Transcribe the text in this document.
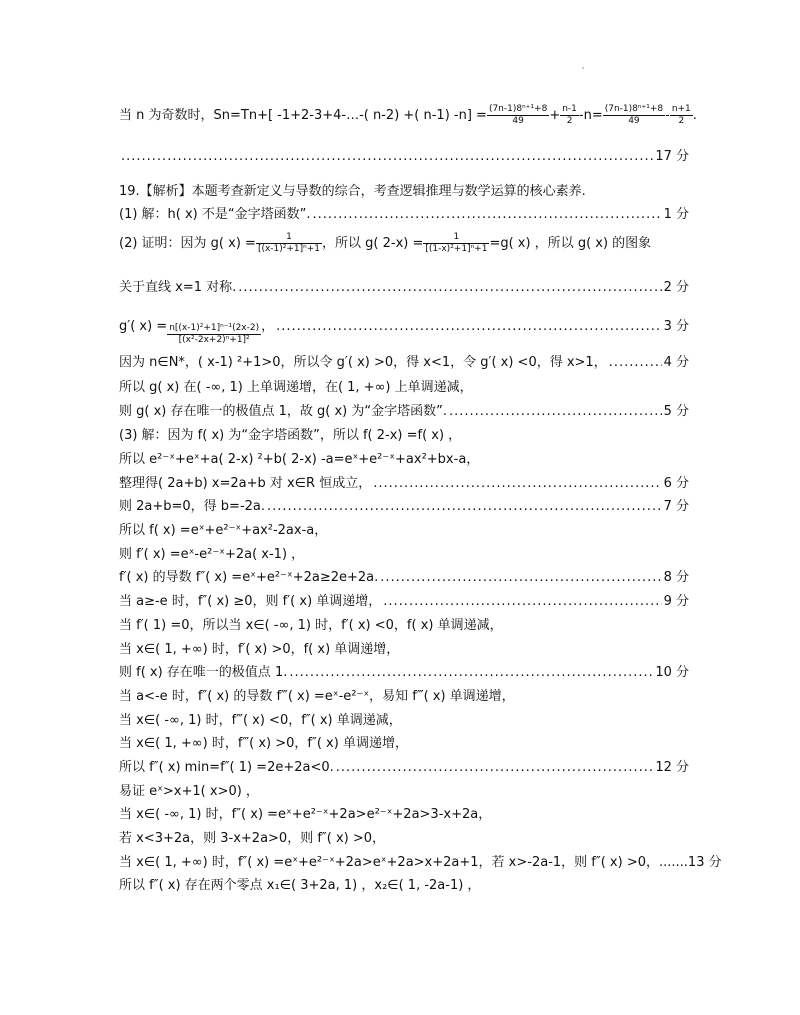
'
当 n 为奇数时，Sn=Tn+[ -1+2-3+4-…-( n-2) +( n-1) $-n] = \frac{\text{(7n-1)8ⁿ⁺¹+8}}{49} + \frac{n-1}{2} -n= \frac{\text{(7n-1)8ⁿ⁺¹+8}}{49} - \frac{n+1}{2}$ .
.....
17 分
19.【解析】本题考查新定义与导数的综合，考查逻辑推理与数学运算的核心素养.
(1) 解：h( x) 不是“金字塔函数”. .....	1 分
(2) 证明：因为 g( $x) = \frac{1}{\text{[(x-1)²+1]ⁿ+1}}$ ，所以 g( $2-x) = \frac{1}{\text{[(1-x)²+1]ⁿ+1}} =g$( x) ，所以 g( x) 的图象
关于直线 x=1 对称. .....	2 分
g′( $x) = \frac{\text{n[(x-1)²+1]ⁿ⁻¹(2x-2)}}{\text{[(x²-2x+2)ⁿ+1]²}}$ ， .....	3 分
因为 n∈N*，( x-1) ²+1>0，所以令 g′( x) >0，得 x<1，令 g′( x) <0，得 x>1， .....	4 分
所以 g( x) 在( -∞, 1) 上单调递增，在( 1, +∞) 上单调递减，
则 g( x) 存在唯一的极值点 1，故 g( x) 为“金字塔函数”. .....	5 分
(3) 解：因为 f( x) 为“金字塔函数”，所以 f( 2-x) =f( x) ，
所以 e²⁻ˣ+eˣ+a( 2-x) ²+b( 2-x) -a=eˣ+e²⁻ˣ+ax²+bx-a，
整理得( 2a+b) x=2a+b 对 x∈R 恒成立， .....	6 分
则 2a+b=0，得 b=-2a. .....	7 分
所以 f( x) =eˣ+e²⁻ˣ+ax²-2ax-a，
则 f′( x) =eˣ-e²⁻ˣ+2a( x-1) ，
f′( x) 的导数 f″( x) =eˣ+e²⁻ˣ+2a≥2e+2a. .....	8 分
当 a≥-e 时，f″( x) ≥0，则 f′( x) 单调递增， .....	9 分
当 f′( 1) =0，所以当 x∈( -∞, 1) 时，f′( x) <0，f( x) 单调递减，
当 x∈( 1, +∞) 时，f′( x) >0，f( x) 单调递增，
则 f( x) 存在唯一的极值点 1. .....	10 分
当 a<-e 时，f″( x) 的导数 f‴( x) =eˣ-e²⁻ˣ，易知 f‴( x) 单调递增，
当 x∈( -∞, 1) 时，f‴( x) <0，f″( x) 单调递减，
当 x∈( 1, +∞) 时，f‴( x) >0，f″( x) 单调递增，
所以 f″( x) min=f″( 1) =2e+2a<0. .....	12 分
易证 eˣ>x+1( x>0) ，
当 x∈( -∞, 1) 时，f″( x) =eˣ+e²⁻ˣ+2a>e²⁻ˣ+2a>3-x+2a，
若 x<3+2a，则 3-x+2a>0，则 f″( x) >0，
当 x∈( 1, +∞) 时，f″( x) =eˣ+e²⁻ˣ+2a>eˣ+2a>x+2a+1，若 x>-2a-1，则 f″( x) >0，....... 13 分
所以 f″( x) 存在两个零点 x₁∈( 3+2a, 1) ，x₂∈( 1, -2a-1) ，
